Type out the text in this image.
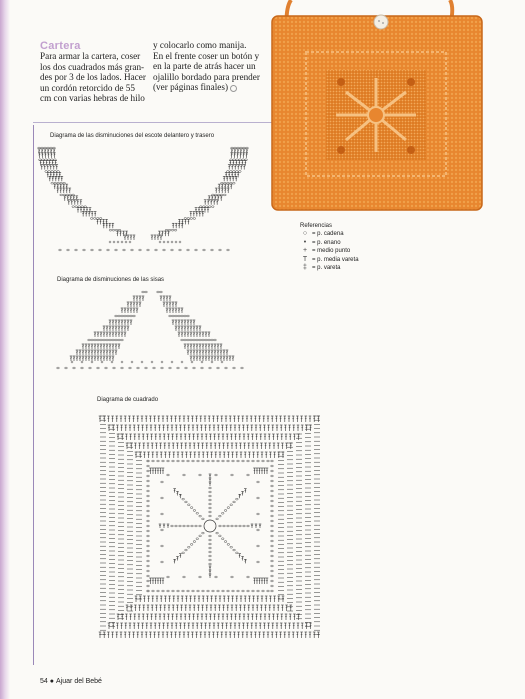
Cartera
Para armar la cartera, coser
los dos cuadrados más gran-
des por 3 de los lados. Hacer
un cordón retorcido de 55
cm con varias hebras de hilo
y colocarlo como manija.
En el frente coser un botón y
en la parte de atrás hacer un
ojalillo bordado para prender
(ver páginas finales)
Diagrama de las disminuciones del escote delantero y trasero
Referencias
○ = p. cadena
• = p. enano
+ = medio punto
T = p. media vareta
‡ = p. vareta
Diagrama de disminuciones de las sisas
Diagrama de cuadrado
54 ● Ajuar del Bebé
